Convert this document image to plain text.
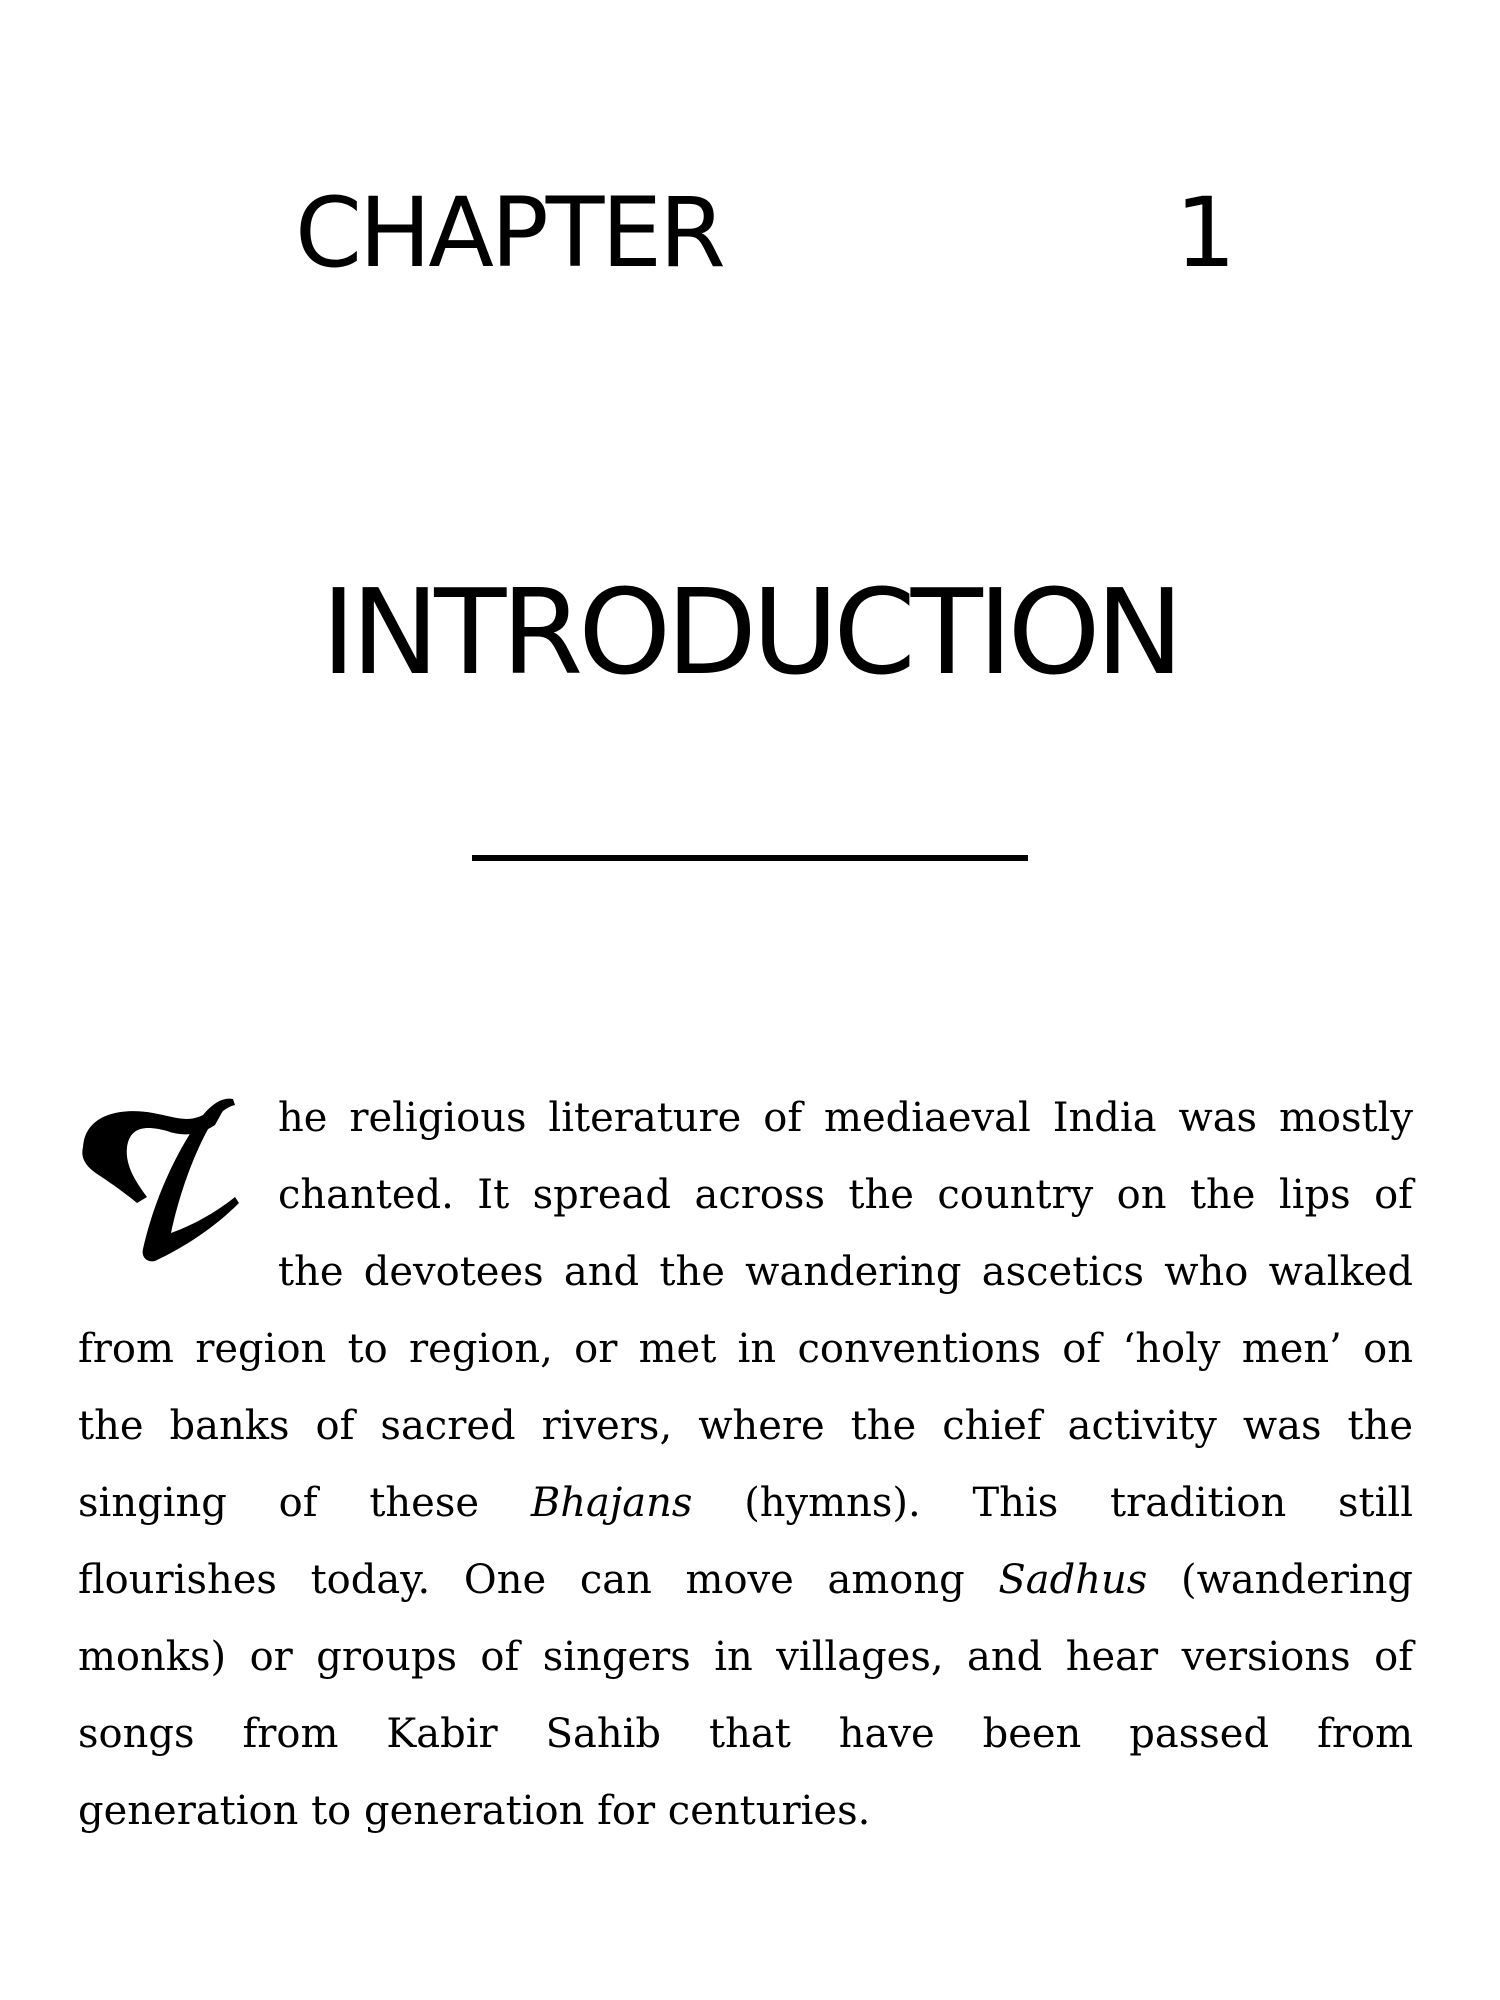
CHAPTER	1
INTRODUCTION

he religious literature of mediaeval India was mostly

chanted. It spread across the country on the lips of

the devotees and the wandering ascetics who walked

from region to region, or met in conventions of ‘holy men’ on

the banks of sacred rivers, where the chief activity was the

singing of these Bhajans (hymns). This tradition still

flourishes today. One can move among Sadhus (wandering

monks) or groups of singers in villages, and hear versions of

songs from Kabir Sahib that have been passed from

generation to generation for centuries.
